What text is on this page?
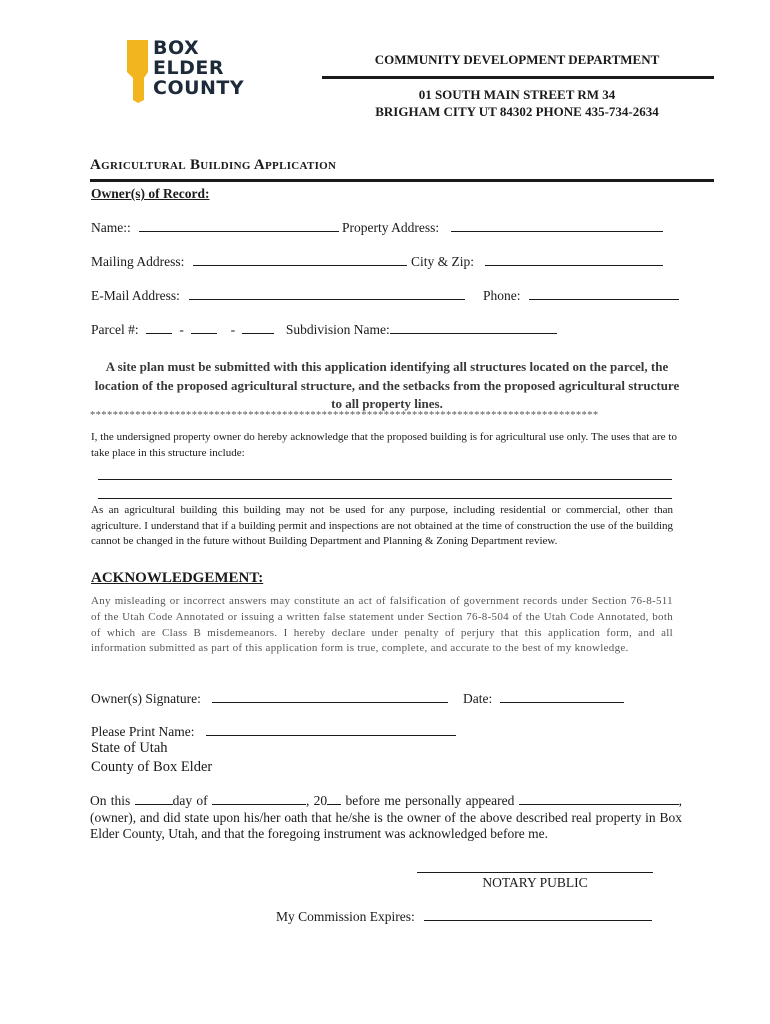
BOX
ELDER
COUNTY
COMMUNITY DEVELOPMENT DEPARTMENT
01 SOUTH MAIN STREET RM 34
BRIGHAM CITY UT 84302 PHONE 435-734-2634
Agricultural Building Application
Owner(s) of Record:
Name::	Property Address:
Mailing Address:	City & Zip:
E-Mail Address:	Phone:
Parcel #:	-	-	Subdivision Name:
A site plan must be submitted with this application identifying all structures located on the parcel, the location of the proposed agricultural structure, and the setbacks from the proposed agricultural structure to all property lines.
******************************************************************************************
I, the undersigned property owner do hereby acknowledge that the proposed building is for agricultural use only. The uses that are to take place in this structure include:
As an agricultural building this building may not be used for any purpose, including residential or commercial, other than agriculture. I understand that if a building permit and inspections are not obtained at the time of construction the use of the building cannot be changed in the future without Building Department and Planning & Zoning Department review.
ACKNOWLEDGEMENT:
Any misleading or incorrect answers may constitute an act of falsification of government records under Section 76-8-511 of the Utah Code Annotated or issuing a written false statement under Section 76-8-504 of the Utah Code Annotated, both of which are Class B misdemeanors. I hereby declare under penalty of perjury that this application form, and all information submitted as part of this application form is true, complete, and accurate to the best of my knowledge.
Owner(s) Signature:	Date:
Please Print Name:
State of Utah
County of Box Elder
On this	day of	, 20 before me personally appeared	, (owner), and did state upon his/her oath that he/she is the owner of the above described real property in Box Elder County, Utah, and that the foregoing instrument was acknowledged before me.
NOTARY PUBLIC
My Commission Expires:
